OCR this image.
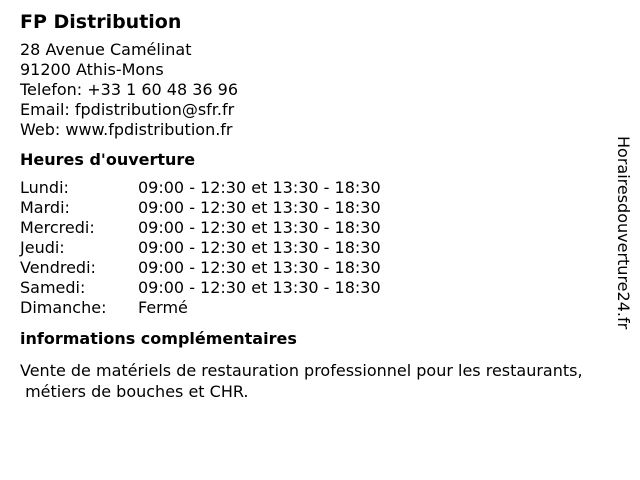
FP Distribution
28 Avenue Camélinat
91200 Athis-Mons
Telefon: +33 1 60 48 36 96
Email: fpdistribution@sfr.fr
Web: www.fpdistribution.fr
Heures d'ouverture
Lundi:	09:00 - 12:30 et 13:30 - 18:30
Mardi:	09:00 - 12:30 et 13:30 - 18:30
Mercredi:	09:00 - 12:30 et 13:30 - 18:30
Jeudi:	09:00 - 12:30 et 13:30 - 18:30
Vendredi:	09:00 - 12:30 et 13:30 - 18:30
Samedi:	09:00 - 12:30 et 13:30 - 18:30
Dimanche:	Fermé
informations complémentaires
Vente de matériels de restauration professionnel pour les restaurants,
métiers de bouches et CHR.
Horairesdouverture24.fr
